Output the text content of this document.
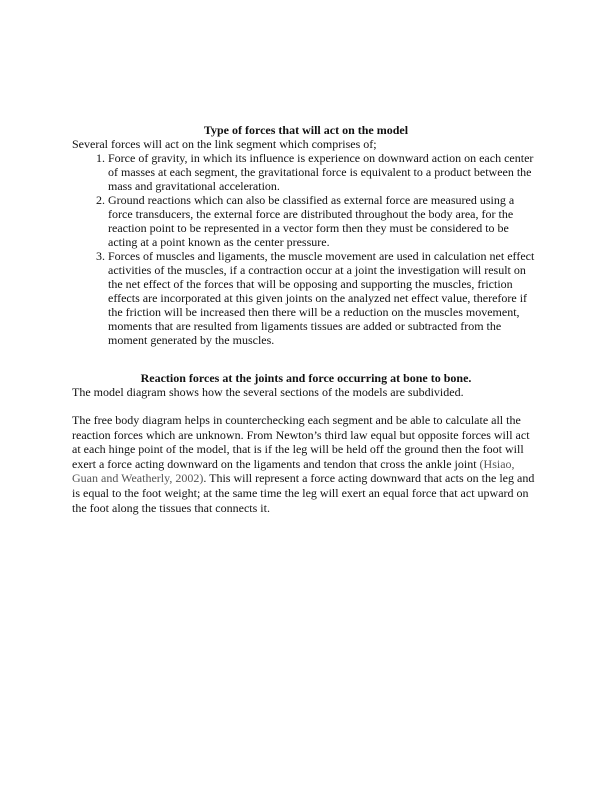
Type of forces that will act on the model

Several forces will act on the link segment which comprises of;

1. Force of gravity, in which its influence is experience on downward action on each center of masses at each segment, the gravitational force is equivalent to a product between the mass and gravitational acceleration.
2. Ground reactions which can also be classified as external force are measured using a force transducers, the external force are distributed throughout the body area, for the reaction point to be represented in a vector form then they must be considered to be acting at a point known as the center pressure.
3. Forces of muscles and ligaments, the muscle movement are used in calculation net effect activities of the muscles, if a contraction occur at a joint the investigation will result on the net effect of the forces that will be opposing and supporting the muscles, friction effects are incorporated at this given joints on the analyzed net effect value, therefore if the friction will be increased then there will be a reduction on the muscles movement, moments that are resulted from ligaments tissues are added or subtracted from the moment generated by the muscles.
Reaction forces at the joints and force occurring at bone to bone.

The model diagram shows how the several sections of the models are subdivided.

The free body diagram helps in counterchecking each segment and be able to calculate all the reaction forces which are unknown. From Newton’s third law equal but opposite forces will act at each hinge point of the model, that is if the leg will be held off the ground then the foot will exert a force acting downward on the ligaments and tendon that cross the ankle joint (Hsiao, Guan and Weatherly, 2002). This will represent a force acting downward that acts on the leg and is equal to the foot weight; at the same time the leg will exert an equal force that act upward on the foot along the tissues that connects it.
